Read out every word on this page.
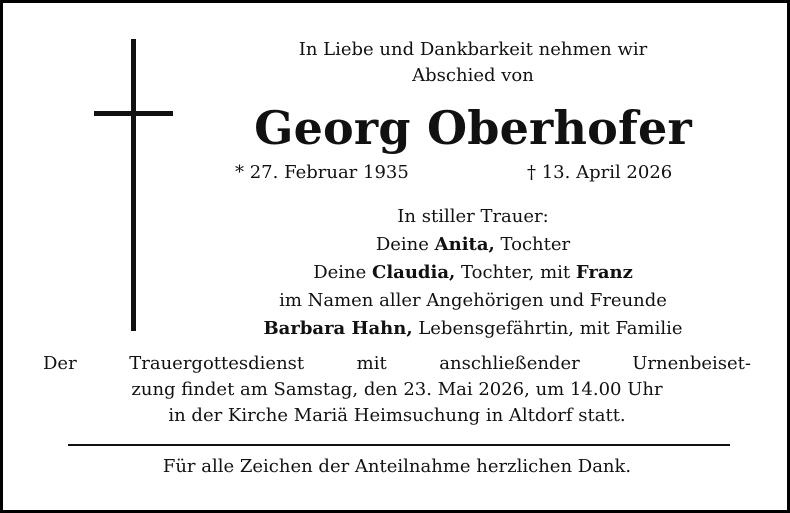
In Liebe und Dankbarkeit nehmen wir
Abschied von
Georg Oberhofer
* 27. Februar 1935	† 13. April 2026
In stiller Trauer:
Deine Anita, Tochter
Deine Claudia, Tochter, mit Franz
im Namen aller Angehörigen und Freunde
Barbara Hahn, Lebensgefährtin, mit Familie
Der Trauergottesdienst mit anschließender Urnenbeiset-
zung findet am Samstag, den 23. Mai 2026, um 14.00 Uhr
in der Kirche Mariä Heimsuchung in Altdorf statt.
Für alle Zeichen der Anteilnahme herzlichen Dank.
